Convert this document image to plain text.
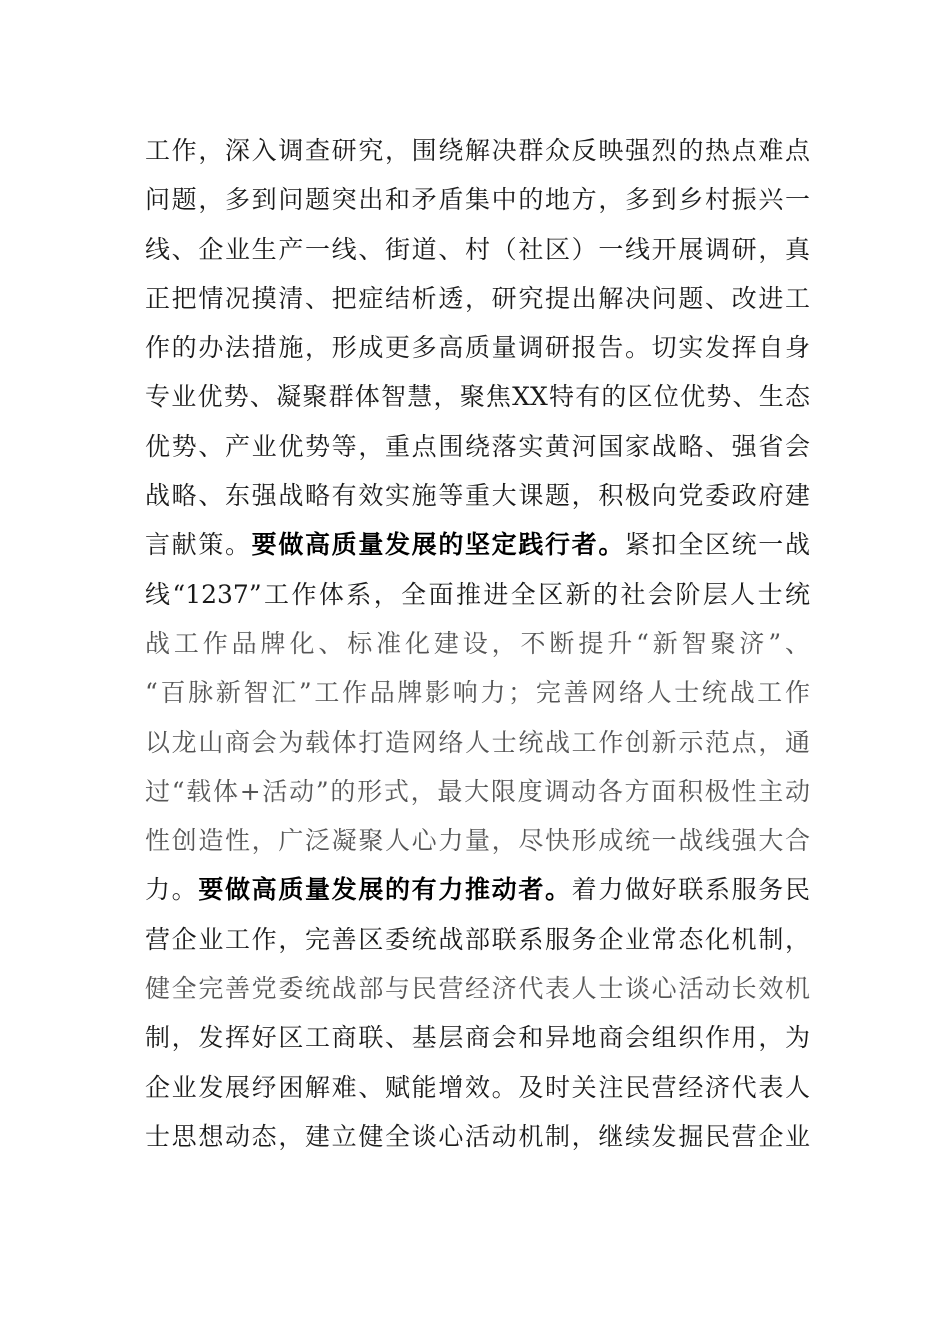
工作，深入调查研究，围绕解决群众反映强烈的热点难点
问题，多到问题突出和矛盾集中的地方，多到乡村振兴一
线、企业生产一线、街道、村（社区）一线开展调研，真
正把情况摸清、把症结析透，研究提出解决问题、改进工
作的办法措施，形成更多高质量调研报告。切实发挥自身
专业优势、凝聚群体智慧，聚焦XX特有的区位优势、生态
优势、产业优势等，重点围绕落实黄河国家战略、强省会
战略、东强战略有效实施等重大课题，积极向党委政府建
言献策。要做高质量发展的坚定践行者。紧扣全区统一战
线“1237”工作体系，全面推进全区新的社会阶层人士统
战工作品牌化、标准化建设，不断提升“新智聚济”、
“百脉新智汇”工作品牌影响力；完善网络人士统战工作
以龙山商会为载体打造网络人士统战工作创新示范点，通
过“载体+活动”的形式，最大限度调动各方面积极性主动
性创造性，广泛凝聚人心力量，尽快形成统一战线强大合
力。要做高质量发展的有力推动者。着力做好联系服务民
营企业工作，完善区委统战部联系服务企业常态化机制，
健全完善党委统战部与民营经济代表人士谈心活动长效机
制，发挥好区工商联、基层商会和异地商会组织作用，为
企业发展纾困解难、赋能增效。及时关注民营经济代表人
士思想动态，建立健全谈心活动机制，继续发掘民营企业
